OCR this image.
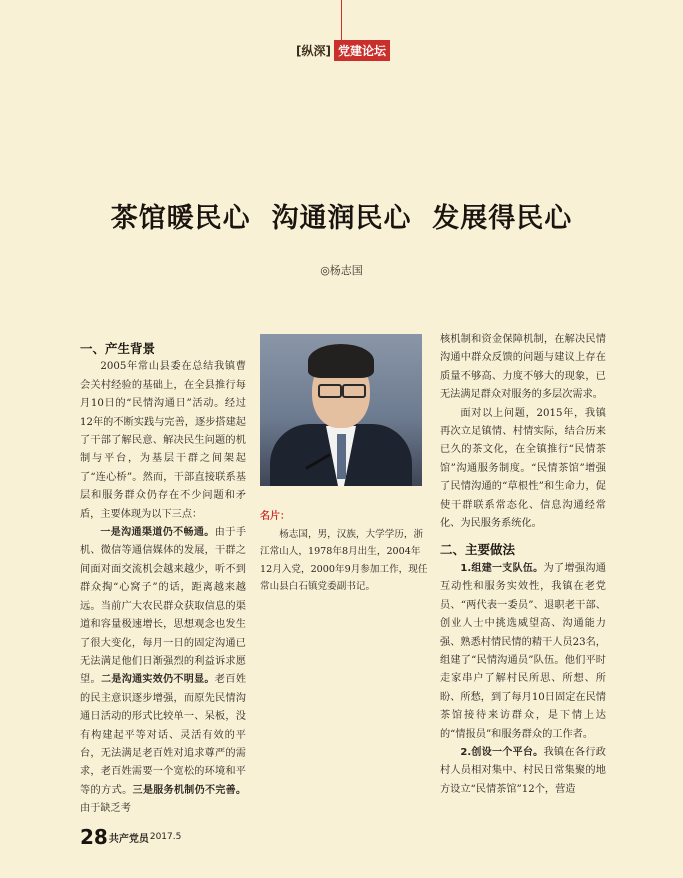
[纵深] 党建论坛
茶馆暖民心  沟通润民心  发展得民心
◎杨志国

一、产生背景

2005年常山县委在总结我镇曹会关村经验的基础上，在全县推行每月10日的“民情沟通日”活动。经过12年的不断实践与完善，逐步搭建起了干部了解民意、解决民生问题的机制与平台，为基层干群之间架起了“连心桥”。然而，干部直接联系基层和服务群众仍存在不少问题和矛盾，主要体现为以下三点：

一是沟通渠道仍不畅通。由于手机、微信等通信媒体的发展，干群之间面对面交流机会越来越少，听不到群众掏“心窝子”的话，距离越来越远。当前广大农民群众获取信息的渠道和容量极速增长，思想观念也发生了很大变化，每月一日的固定沟通已无法满足他们日渐强烈的利益诉求愿望。二是沟通实效仍不明显。老百姓的民主意识逐步增强，而原先民情沟通日活动的形式比较单一、呆板，没有构建起平等对话、灵活有效的平台，无法满足老百姓对追求尊严的需求，老百姓需要一个宽松的环境和平等的方式。三是服务机制仍不完善。由于缺乏考

名片：

杨志国，男，汉族，大学学历，浙江常山人，1978年8月出生，2004年12月入党，2000年9月参加工作，现任常山县白石镇党委副书记。

核机制和资金保障机制，在解决民情沟通中群众反馈的问题与建议上存在质量不够高、力度不够大的现象，已无法满足群众对服务的多层次需求。

面对以上问题，2015年，我镇再次立足镇情、村情实际，结合历来已久的茶文化，在全镇推行“民情茶馆”沟通服务制度。“民情茶馆”增强了民情沟通的“草根性”和生命力，促使干群联系常态化、信息沟通经常化、为民服务系统化。

二、主要做法

1.组建一支队伍。为了增强沟通互动性和服务实效性，我镇在老党员、“两代表一委员”、退职老干部、创业人士中挑选威望高、沟通能力强、熟悉村情民情的精干人员23名，组建了“民情沟通员”队伍。他们平时走家串户了解村民所思、所想、所盼、所愁，到了每月10日固定在民情茶馆接待来访群众，是下情上达的“情报员”和服务群众的工作者。

2.创设一个平台。我镇在各行政村人员相对集中、村民日常集聚的地方设立“民情茶馆”12个，营造

28共产党员2017.5
